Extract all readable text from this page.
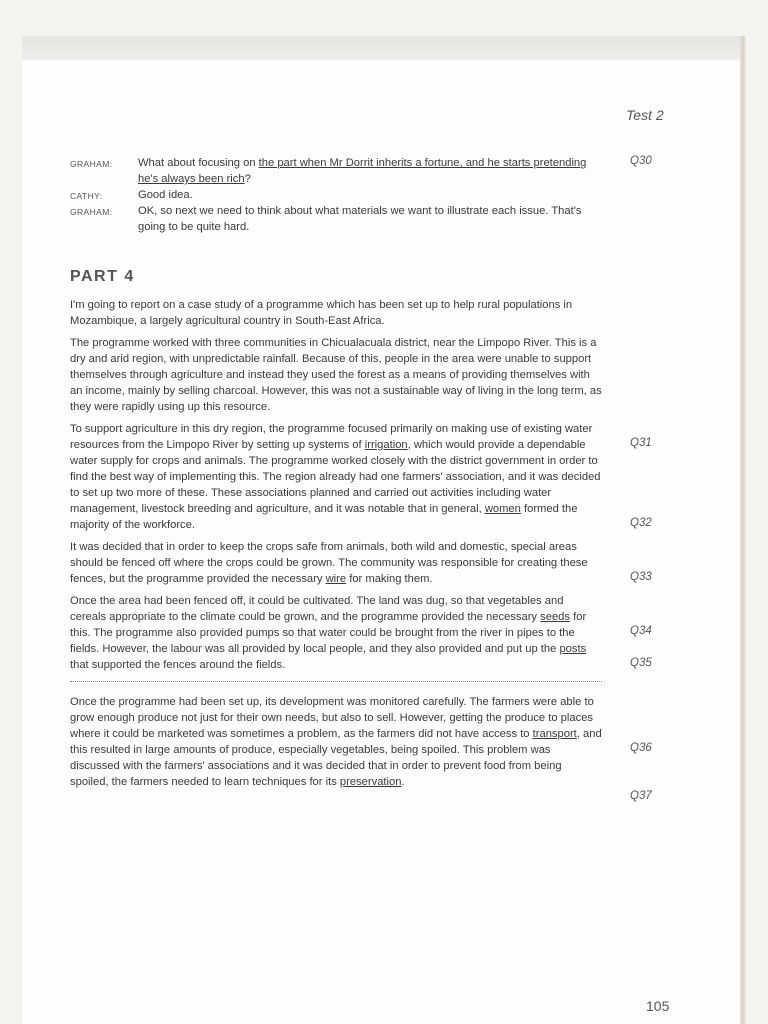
Test 2
GRAHAM: What about focusing on the part when Mr Dorrit inherits a fortune, and he starts pretending he's always been rich?
Q30
CATHY:	Good idea.
GRAHAM: OK, so next we need to think about what materials we want to illustrate each issue. That's going to be quite hard.
PART 4
I'm going to report on a case study of a programme which has been set up to help rural populations in Mozambique, a largely agricultural country in South-East Africa.
The programme worked with three communities in Chicualacuala district, near the Limpopo River. This is a dry and arid region, with unpredictable rainfall. Because of this, people in the area were unable to support themselves through agriculture and instead they used the forest as a means of providing themselves with an income, mainly by selling charcoal. However, this was not a sustainable way of living in the long term, as they were rapidly using up this resource.
To support agriculture in this dry region, the programme focused primarily on making use of existing water resources from the Limpopo River by setting up systems of irrigation, which would provide a dependable water supply for crops and animals. The programme worked closely with the district government in order to find the best way of implementing this. The region already had one farmers' association, and it was decided to set up two more of these. These associations planned and carried out activities including water management, livestock breeding and agriculture, and it was notable that in general, women formed the majority of the workforce.
Q31
Q32
It was decided that in order to keep the crops safe from animals, both wild and domestic, special areas should be fenced off where the crops could be grown. The community was responsible for creating these fences, but the programme provided the necessary wire for making them.	Q33
Once the area had been fenced off, it could be cultivated. The land was dug, so that vegetables and cereals appropriate to the climate could be grown, and the programme provided the necessary seeds for this. The programme also provided pumps so that water could be brought from the river in pipes to the fields. However, the labour was all provided by local people, and they also provided and put up the posts that supported the fences around the fields.
Q34
Q35
Once the programme had been set up, its development was monitored carefully. The farmers were able to grow enough produce not just for their own needs, but also to sell. However, getting the produce to places where it could be marketed was sometimes a problem, as the farmers did not have access to transport, and this resulted in large amounts of produce, especially vegetables, being spoiled. This problem was discussed with the farmers' associations and it was decided that in order to prevent food from being spoiled, the farmers needed to learn techniques for its preservation.
Q36
Q37
105
